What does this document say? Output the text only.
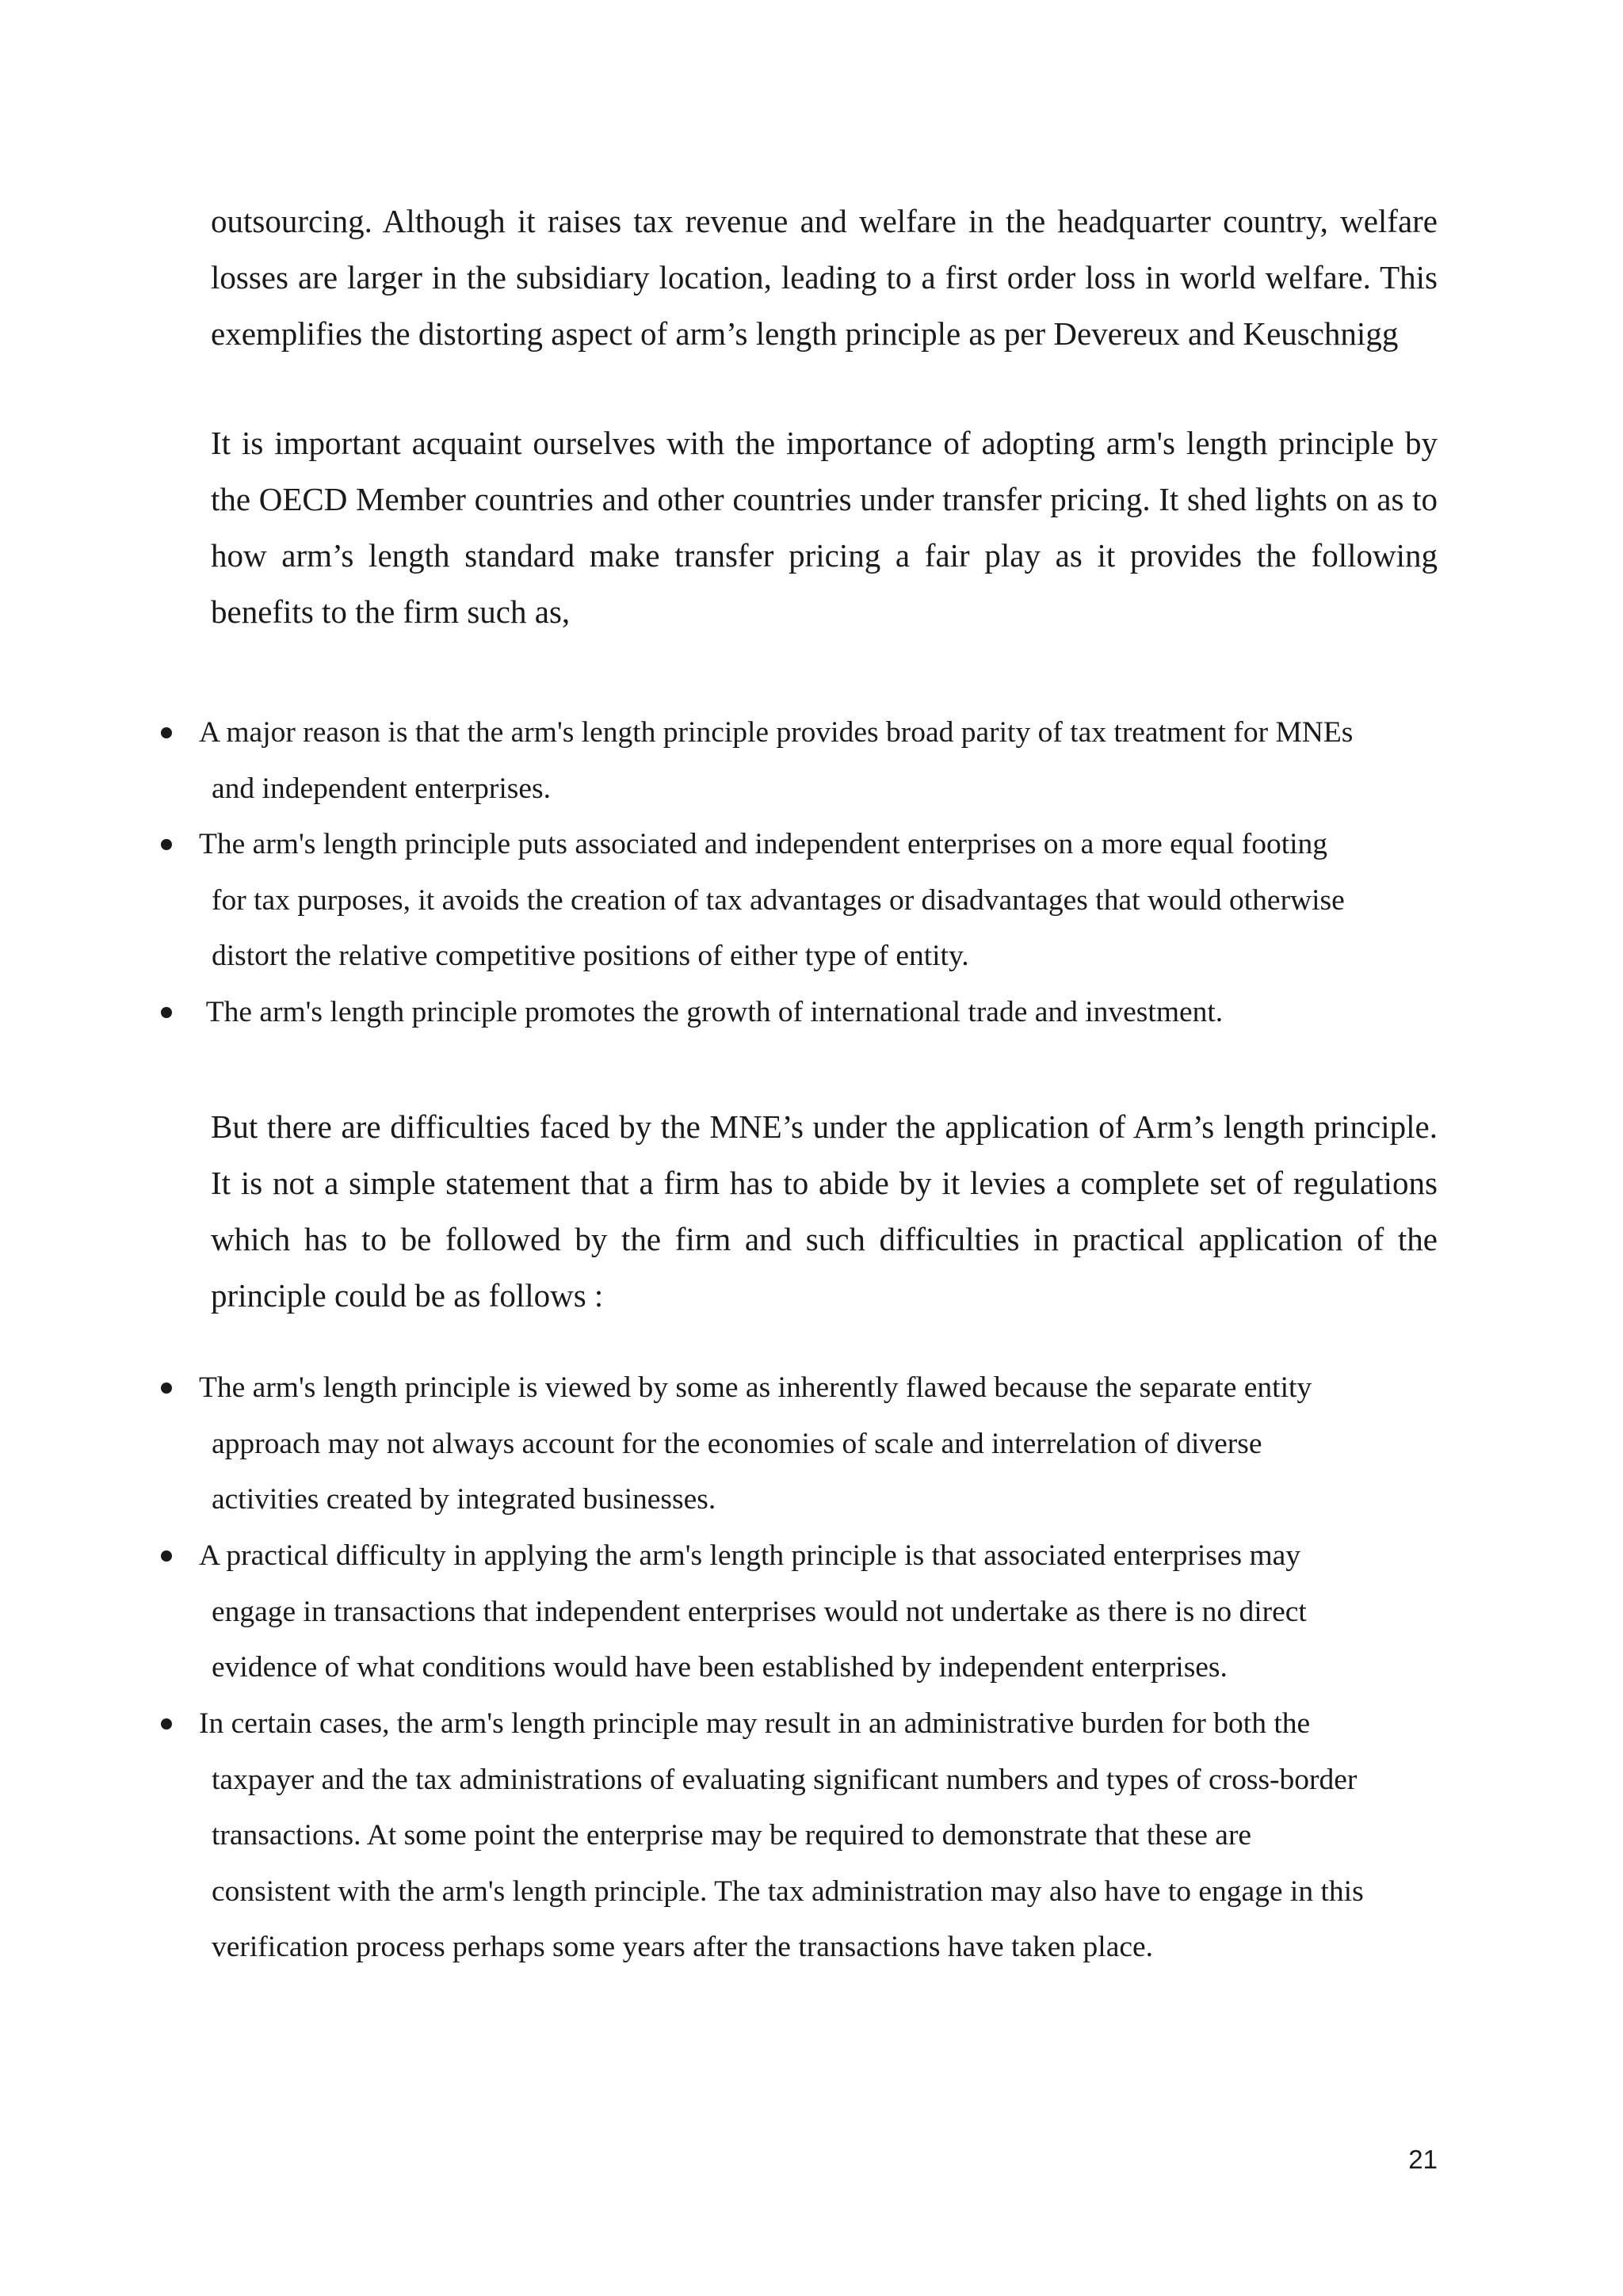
outsourcing. Although it raises tax revenue and welfare in the headquarter country, welfare losses are larger in the subsidiary location, leading to a first order loss in world welfare. This exemplifies the distorting aspect of arm’s length principle as per Devereux and Keuschnigg

It is important acquaint ourselves with the importance of adopting arm's length principle by the OECD Member countries and other countries under transfer pricing. It shed lights on as to how arm’s length standard make transfer pricing a fair play as it provides the following benefits to the firm such as,

A major reason is that the arm's length principle provides broad parity of tax treatment for MNEs
and independent enterprises.

The arm's length principle puts associated and independent enterprises on a more equal footing
for tax purposes, it avoids the creation of tax advantages or disadvantages that would otherwise
distort the relative competitive positions of either type of entity.

The arm's length principle promotes the growth of international trade and investment.

But there are difficulties faced by the MNE’s under the application of Arm’s length principle. It is not a simple statement that a firm has to abide by it levies a complete set of regulations which has to be followed by the firm and such difficulties in practical application of the principle could be as follows :

The arm's length principle is viewed by some as inherently flawed because the separate entity
approach may not always account for the economies of scale and interrelation of diverse
activities created by integrated businesses.

A practical difficulty in applying the arm's length principle is that associated enterprises may
engage in transactions that independent enterprises would not undertake as there is no direct
evidence of what conditions would have been established by independent enterprises.

In certain cases, the arm's length principle may result in an administrative burden for both the
taxpayer and the tax administrations of evaluating significant numbers and types of cross-border
transactions. At some point the enterprise may be required to demonstrate that these are
consistent with the arm's length principle. The tax administration may also have to engage in this
verification process perhaps some years after the transactions have taken place.

21
